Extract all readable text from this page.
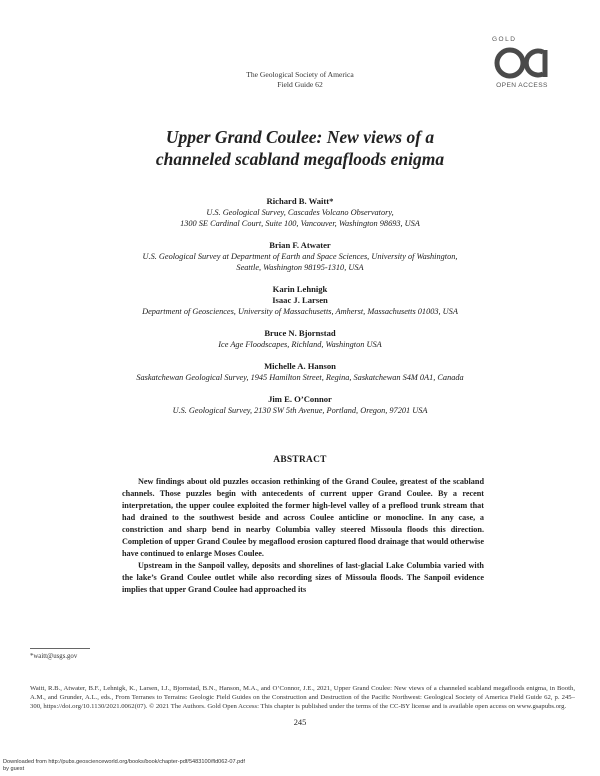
The Geological Society of America
Field Guide 62
GOLD
OPEN ACCESS
Upper Grand Coulee: New views of a
channeled scabland megafloods enigma
Richard B. Waitt*
U.S. Geological Survey, Cascades Volcano Observatory,
1300 SE Cardinal Court, Suite 100, Vancouver, Washington 98693, USA
Brian F. Atwater
U.S. Geological Survey at Department of Earth and Space Sciences, University of Washington,
Seattle, Washington 98195-1310, USA
Karin Lehnigk
Isaac J. Larsen
Department of Geosciences, University of Massachusetts, Amherst, Massachusetts 01003, USA
Bruce N. Bjornstad
Ice Age Floodscapes, Richland, Washington USA
Michelle A. Hanson
Saskatchewan Geological Survey, 1945 Hamilton Street, Regina, Saskatchewan S4M 0A1, Canada
Jim E. O’Connor
U.S. Geological Survey, 2130 SW 5th Avenue, Portland, Oregon, 97201 USA
ABSTRACT

New findings about old puzzles occasion rethinking of the Grand Coulee, greatest of the scabland channels. Those puzzles begin with antecedents of current upper Grand Coulee. By a recent interpretation, the upper coulee exploited the former high-level valley of a preflood trunk stream that had drained to the southwest beside and across Coulee anticline or monocline. In any case, a constriction and sharp bend in nearby Columbia valley steered Missoula floods this direction. Completion of upper Grand Coulee by megaflood erosion captured flood drainage that would otherwise have continued to enlarge Moses Coulee.

Upstream in the Sanpoil valley, deposits and shorelines of last-glacial Lake Columbia varied with the lake’s Grand Coulee outlet while also recording sizes of Missoula floods. The Sanpoil evidence implies that upper Grand Coulee had approached its

*waitt@usgs.gov
Waitt, R.B., Atwater, B.F., Lehnigk, K., Larsen, I.J., Bjornstad, B.N., Hanson, M.A., and O’Connor, J.E., 2021, Upper Grand Coulee: New views of a channeled scabland megafloods enigma, in Booth, A.M., and Grunder, A.L., eds., From Terranes to Terrains: Geologic Field Guides on the Construction and Destruction of the Pacific Northwest: Geological Society of America Field Guide 62, p. 245–300, https://doi.org/10.1130/2021.0062(07). © 2021 The Authors. Gold Open Access: This chapter is published under the terms of the CC-BY license and is available open access on www.gsapubs.org.
245
Downloaded from http://pubs.geoscienceworld.org/books/book/chapter-pdf/5483100/fld062-07.pdf
by guest
